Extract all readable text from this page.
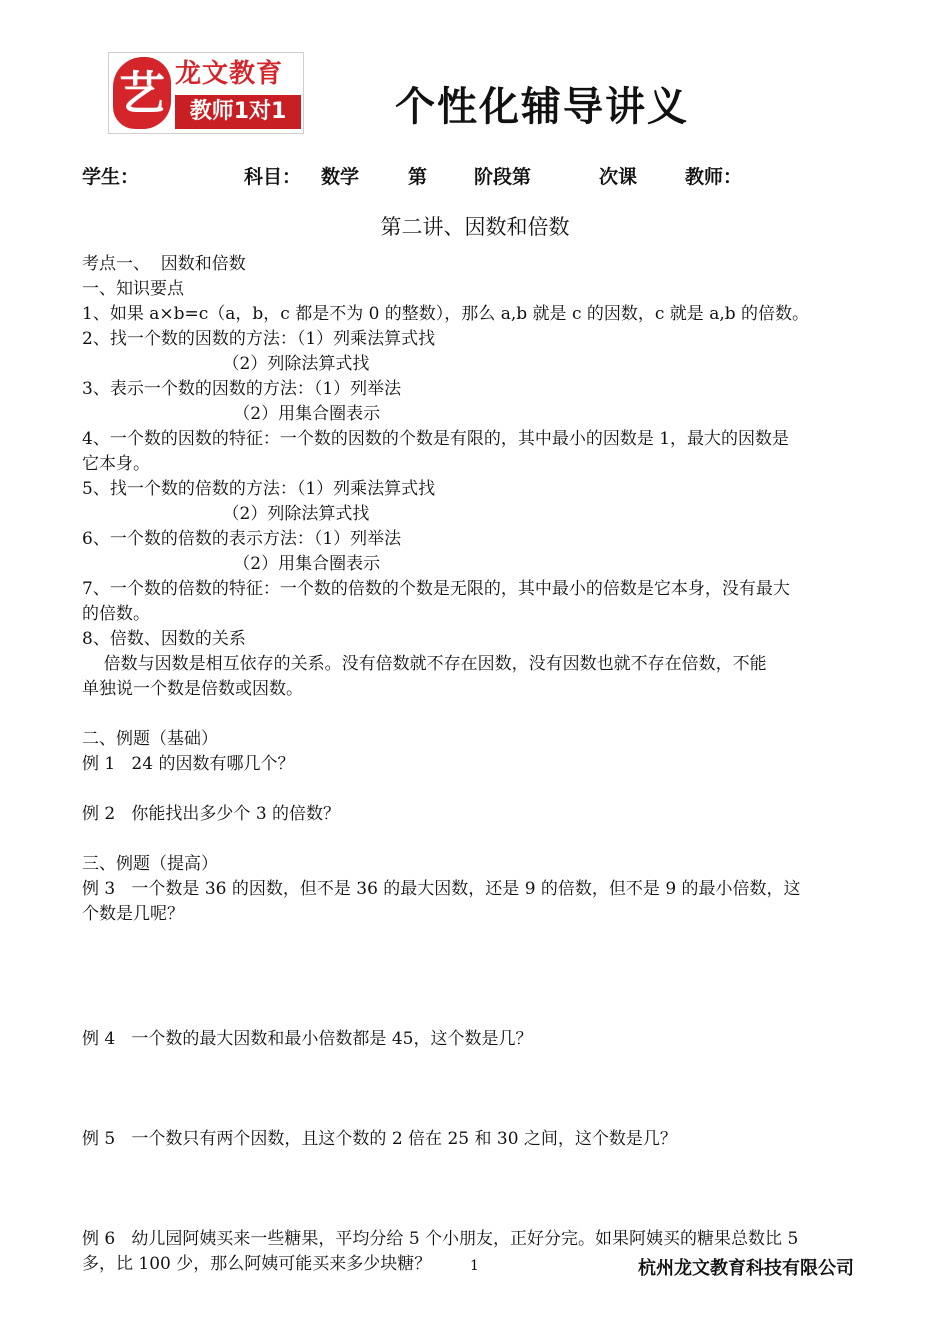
艺 龙文教育
教师1对1	个性化辅导讲义
学生：	科目： 数学	第 阶段第	次课	教师：
第二讲、因数和倍数
考点一、  因数和倍数
一、知识要点
1、如果 a×b=c（a，b，c 都是不为 0 的整数），那么 a,b 就是 c 的因数，c 就是 a,b 的倍数。
2、找一个数的因数的方法：（1）列乘法算式找
（2）列除法算式找
3、表示一个数的因数的方法：（1）列举法
（2）用集合圈表示
4、一个数的因数的特征：一个数的因数的个数是有限的，其中最小的因数是 1，最大的因数是
它本身。
5、找一个数的倍数的方法：（1）列乘法算式找
（2）列除法算式找
6、一个数的倍数的表示方法：（1）列举法
（2）用集合圈表示
7、一个数的倍数的特征：一个数的倍数的个数是无限的，其中最小的倍数是它本身，没有最大
的倍数。
8、倍数、因数的关系
倍数与因数是相互依存的关系。没有倍数就不存在因数，没有因数也就不存在倍数，不能
单独说一个数是倍数或因数。
二、例题（基础）
例 1   24 的因数有哪几个？
例 2   你能找出多少个 3 的倍数？
三、例题（提高）
例 3   一个数是 36 的因数，但不是 36 的最大因数，还是 9 的倍数，但不是 9 的最小倍数，这
个数是几呢？
例 4   一个数的最大因数和最小倍数都是 45，这个数是几？
例 5   一个数只有两个因数，且这个数的 2 倍在 25 和 30 之间，这个数是几？
例 6   幼儿园阿姨买来一些糖果，平均分给 5 个小朋友，正好分完。如果阿姨买的糖果总数比 5
多，比 100 少，那么阿姨可能买来多少块糖？	1	杭州龙文教育科技有限公司
